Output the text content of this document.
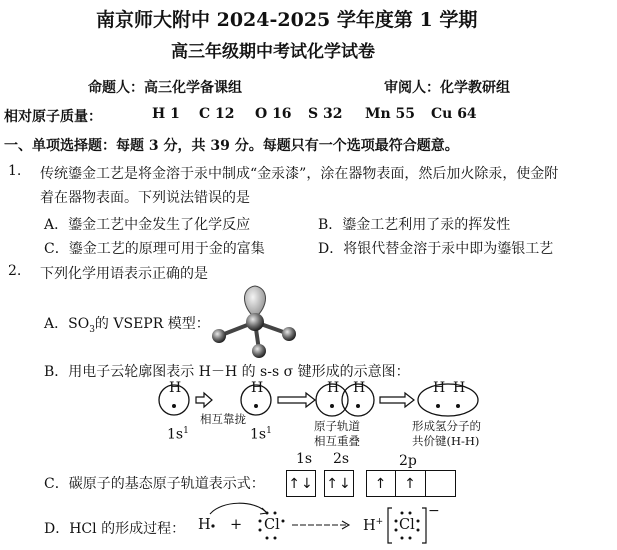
南京师大附中 2024-2025 学年度第 1 学期
高三年级期中考试化学试卷
命题人：高三化学备课组	审阅人：化学教研组
相对原子质量：	H 1 C 12 O 16 S 32 Mn 55 Cu 64
一、单项选择题：每题 3 分，共 39 分。每题只有一个选项最符合题意。
1. 传统鎏金工艺是将金溶于汞中制成“金汞漆”，涂在器物表面，然后加火除汞，使金附
着在器物表面。下列说法错误的是
A．鎏金工艺中金发生了化学反应	B．鎏金工艺利用了汞的挥发性
C．鎏金工艺的原理可用于金的富集	D．将银代替金溶于汞中即为鎏银工艺
2. 下列化学用语表示正确的是
A．$SO_3$的 VSEPR 模型：
B．用电子云轮廓图表示 H－H 的 s-s σ 键形成的示意图：
H	H	H H	H H
$1s^1$
相互靠拢
$1s^1$	原子轨道
相互重叠
形成氢分子的
共价键(H-H)
C．碳原子的基态原子轨道表示式：
1s 2s	2p
↑↓ ↑↓	↑	↑
D．HCl 的形成过程： H + Cl	H+ Cl
−
